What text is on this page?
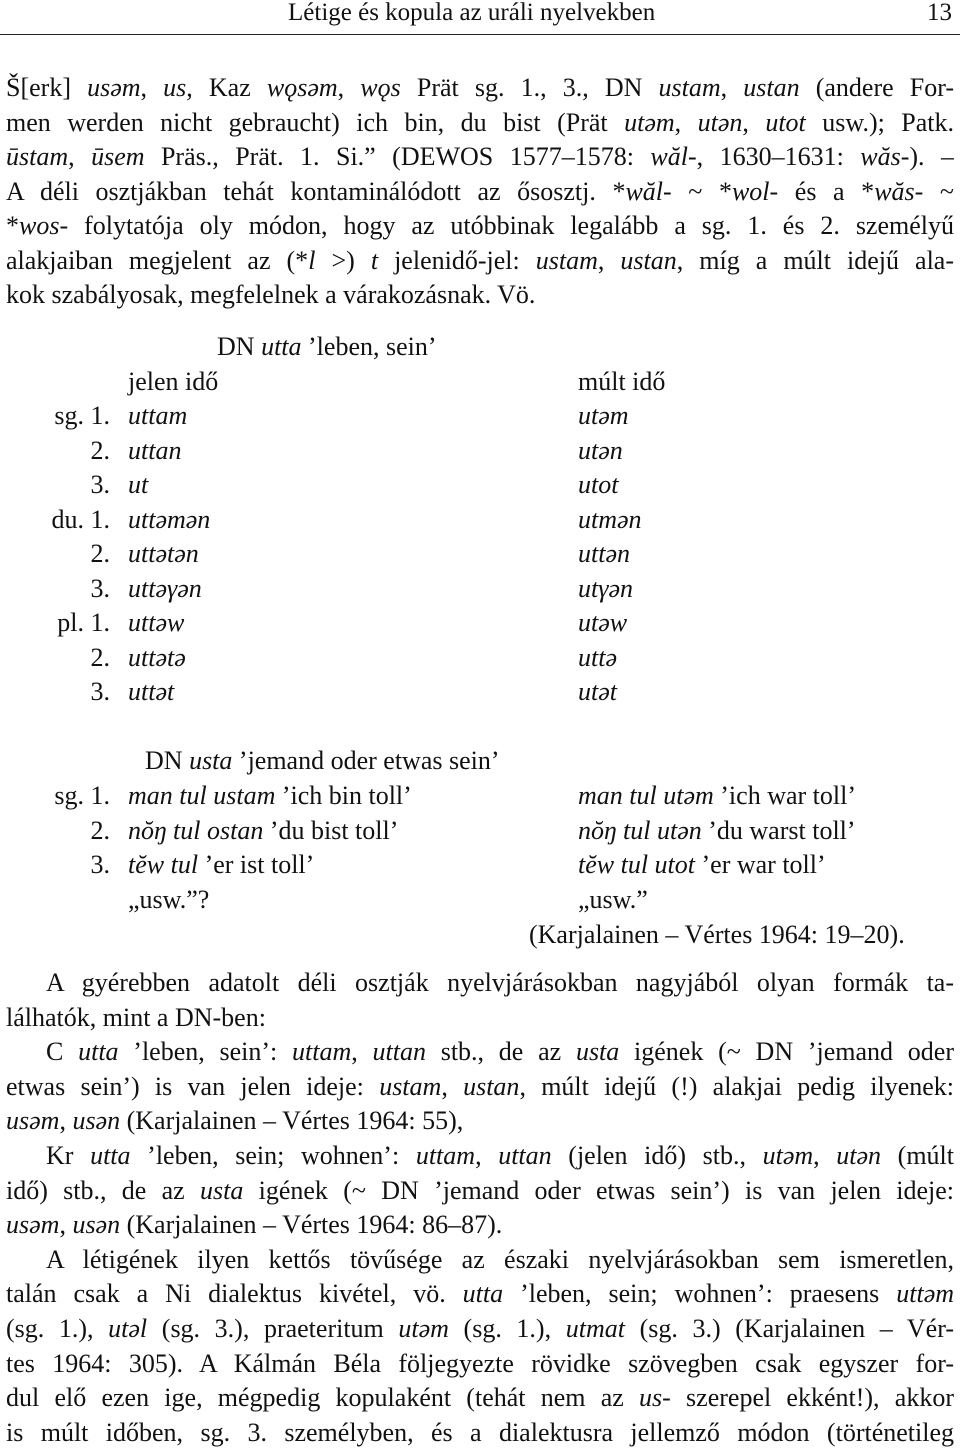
Létige és kopula az uráli nyelvekben	13
Š[erk] usəm, us, Kaz wǫsəm, wǫs Prät sg. 1., 3., DN ustam, ustan (andere For-
men werden nicht gebraucht) ich bin, du bist (Prät utəm, utən, utot usw.); Patk.
ūstam, ūsem Präs., Prät. 1. Si.” (DEWOS 1577–1578: wăl-, 1630–1631: wăs-). –
A déli osztjákban tehát kontaminálódott az ősosztj. *wăl- ~ *wol- és a *wăs- ~
*wos- folytatója oly módon, hogy az utóbbinak legalább a sg. 1. és 2. személyű
alakjaiban megjelent az (*l >) t jelenidő-jel: ustam, ustan, míg a múlt idejű ala-
kok szabályosak, megfelelnek a várakozásnak. Vö.
DN utta ’leben, sein’
jelen idő	múlt idő
sg. 1. uttam	utəm
2. uttan	utən
3. ut	utot
du. 1. uttəmən	utmən
2. uttətən	uttən
3. uttəγən	utγən
pl. 1. uttəw	utəw
2. uttətə	uttə
3. uttət	utət
DN usta ’jemand oder etwas sein’
sg. 1. man tul ustam ’ich bin toll’	man tul utəm ’ich war toll’
2. nŏŋ tul ostan ’du bist toll’	nŏŋ tul utən ’du warst toll’
3. tĕw tul ’er ist toll’	tĕw tul utot ’er war toll’
„usw.”?	„usw.”
(Karjalainen – Vértes 1964: 19–20).
A gyérebben adatolt déli osztják nyelvjárásokban nagyjából olyan formák ta-
lálhatók, mint a DN-ben:
C utta ’leben, sein’: uttam, uttan stb., de az usta igének (~ DN ’jemand oder
etwas sein’) is van jelen ideje: ustam, ustan, múlt idejű (!) alakjai pedig ilyenek:
usəm, usən (Karjalainen – Vértes 1964: 55),
Kr utta ’leben, sein; wohnen’: uttam, uttan (jelen idő) stb., utəm, utən (múlt
idő) stb., de az usta igének (~ DN ’jemand oder etwas sein’) is van jelen ideje:
usəm, usən (Karjalainen – Vértes 1964: 86–87).
A létigének ilyen kettős tövűsége az északi nyelvjárásokban sem ismeretlen,
talán csak a Ni dialektus kivétel, vö. utta ’leben, sein; wohnen’: praesens uttəm
(sg. 1.), utəl (sg. 3.), praeteritum utəm (sg. 1.), utmat (sg. 3.) (Karjalainen – Vér-
tes 1964: 305). A Kálmán Béla följegyezte rövidke szövegben csak egyszer for-
dul elő ezen ige, mégpedig kopulaként (tehát nem az us- szerepel ekként!), akkor
is múlt időben, sg. 3. személyben, és a dialektusra jellemző módon (történetileg
